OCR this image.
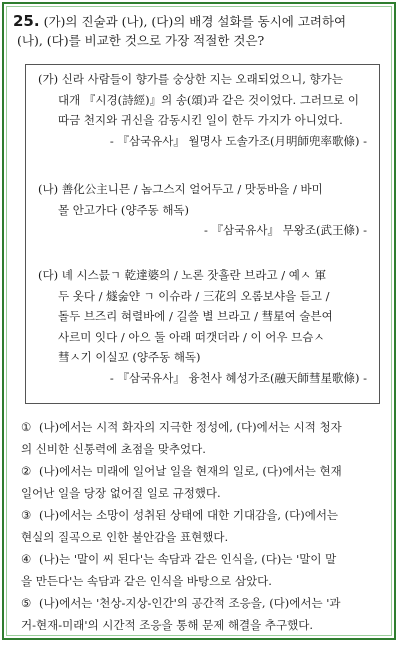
25. (가)의 진술과 (나), (다)의 배경 설화를 동시에 고려하여
(나), (다)를 비교한 것으로 가장 적절한 것은?
(가) 신라 사람들이 향가를 숭상한 지는 오래되었으니, 향가는
대개 『시경(詩經)』의 송(頌)과 같은 것이었다. 그러므로 이
따금 천지와 귀신을 감동시킨 일이 한두 가지가 아니었다.
- 『삼국유사』 월명사 도솔가조(月明師兜率歌條) -
(나) 善化公主니믄 / 놈그스지 얼어두고 / 맛둥바을 / 바미
몰 안고가다 (양주동 해독)
- 『삼국유사』 무왕조(武王條) -
(다) 녜 시스믌ㄱ 乾達婆의 / 노론 잣흘란 브라고 / 예ㅅ 軍
두 옷다 / 燧숦얀 ㄱ 이슈라 / 三花의 오롬보샤을 듣고 /
돌두 브즈리 혀렬바에 / 길쓸 별 브라고 / 彗星여 술븐여
사르미 잇다 / 아으 둘 아래 떠갯더라 / 이 어우 므슴ㅅ
彗ㅅ기 이실꼬 (양주동 해독)
- 『삼국유사』 융천사 혜성가조(融天師彗星歌條) -
① (나)에서는 시적 화자의 지극한 정성에, (다)에서는 시적 청자
의 신비한 신통력에 초점을 맞추었다.
② (나)에서는 미래에 일어날 일을 현재의 일로, (다)에서는 현재
일어난 일을 당장 없어질 일로 규정했다.
③ (나)에서는 소망이 성취된 상태에 대한 기대감을, (다)에서는
현실의 질곡으로 인한 불안감을 표현했다.
④ (나)는 '말이 씨 된다'는 속담과 같은 인식을, (다)는 '말이 말
을 만든다'는 속담과 같은 인식을 바탕으로 삼았다.
⑤ (나)에서는 '천상-지상-인간'의 공간적 조응을, (다)에서는 '과
거-현재-미래'의 시간적 조응을 통해 문제 해결을 추구했다.
